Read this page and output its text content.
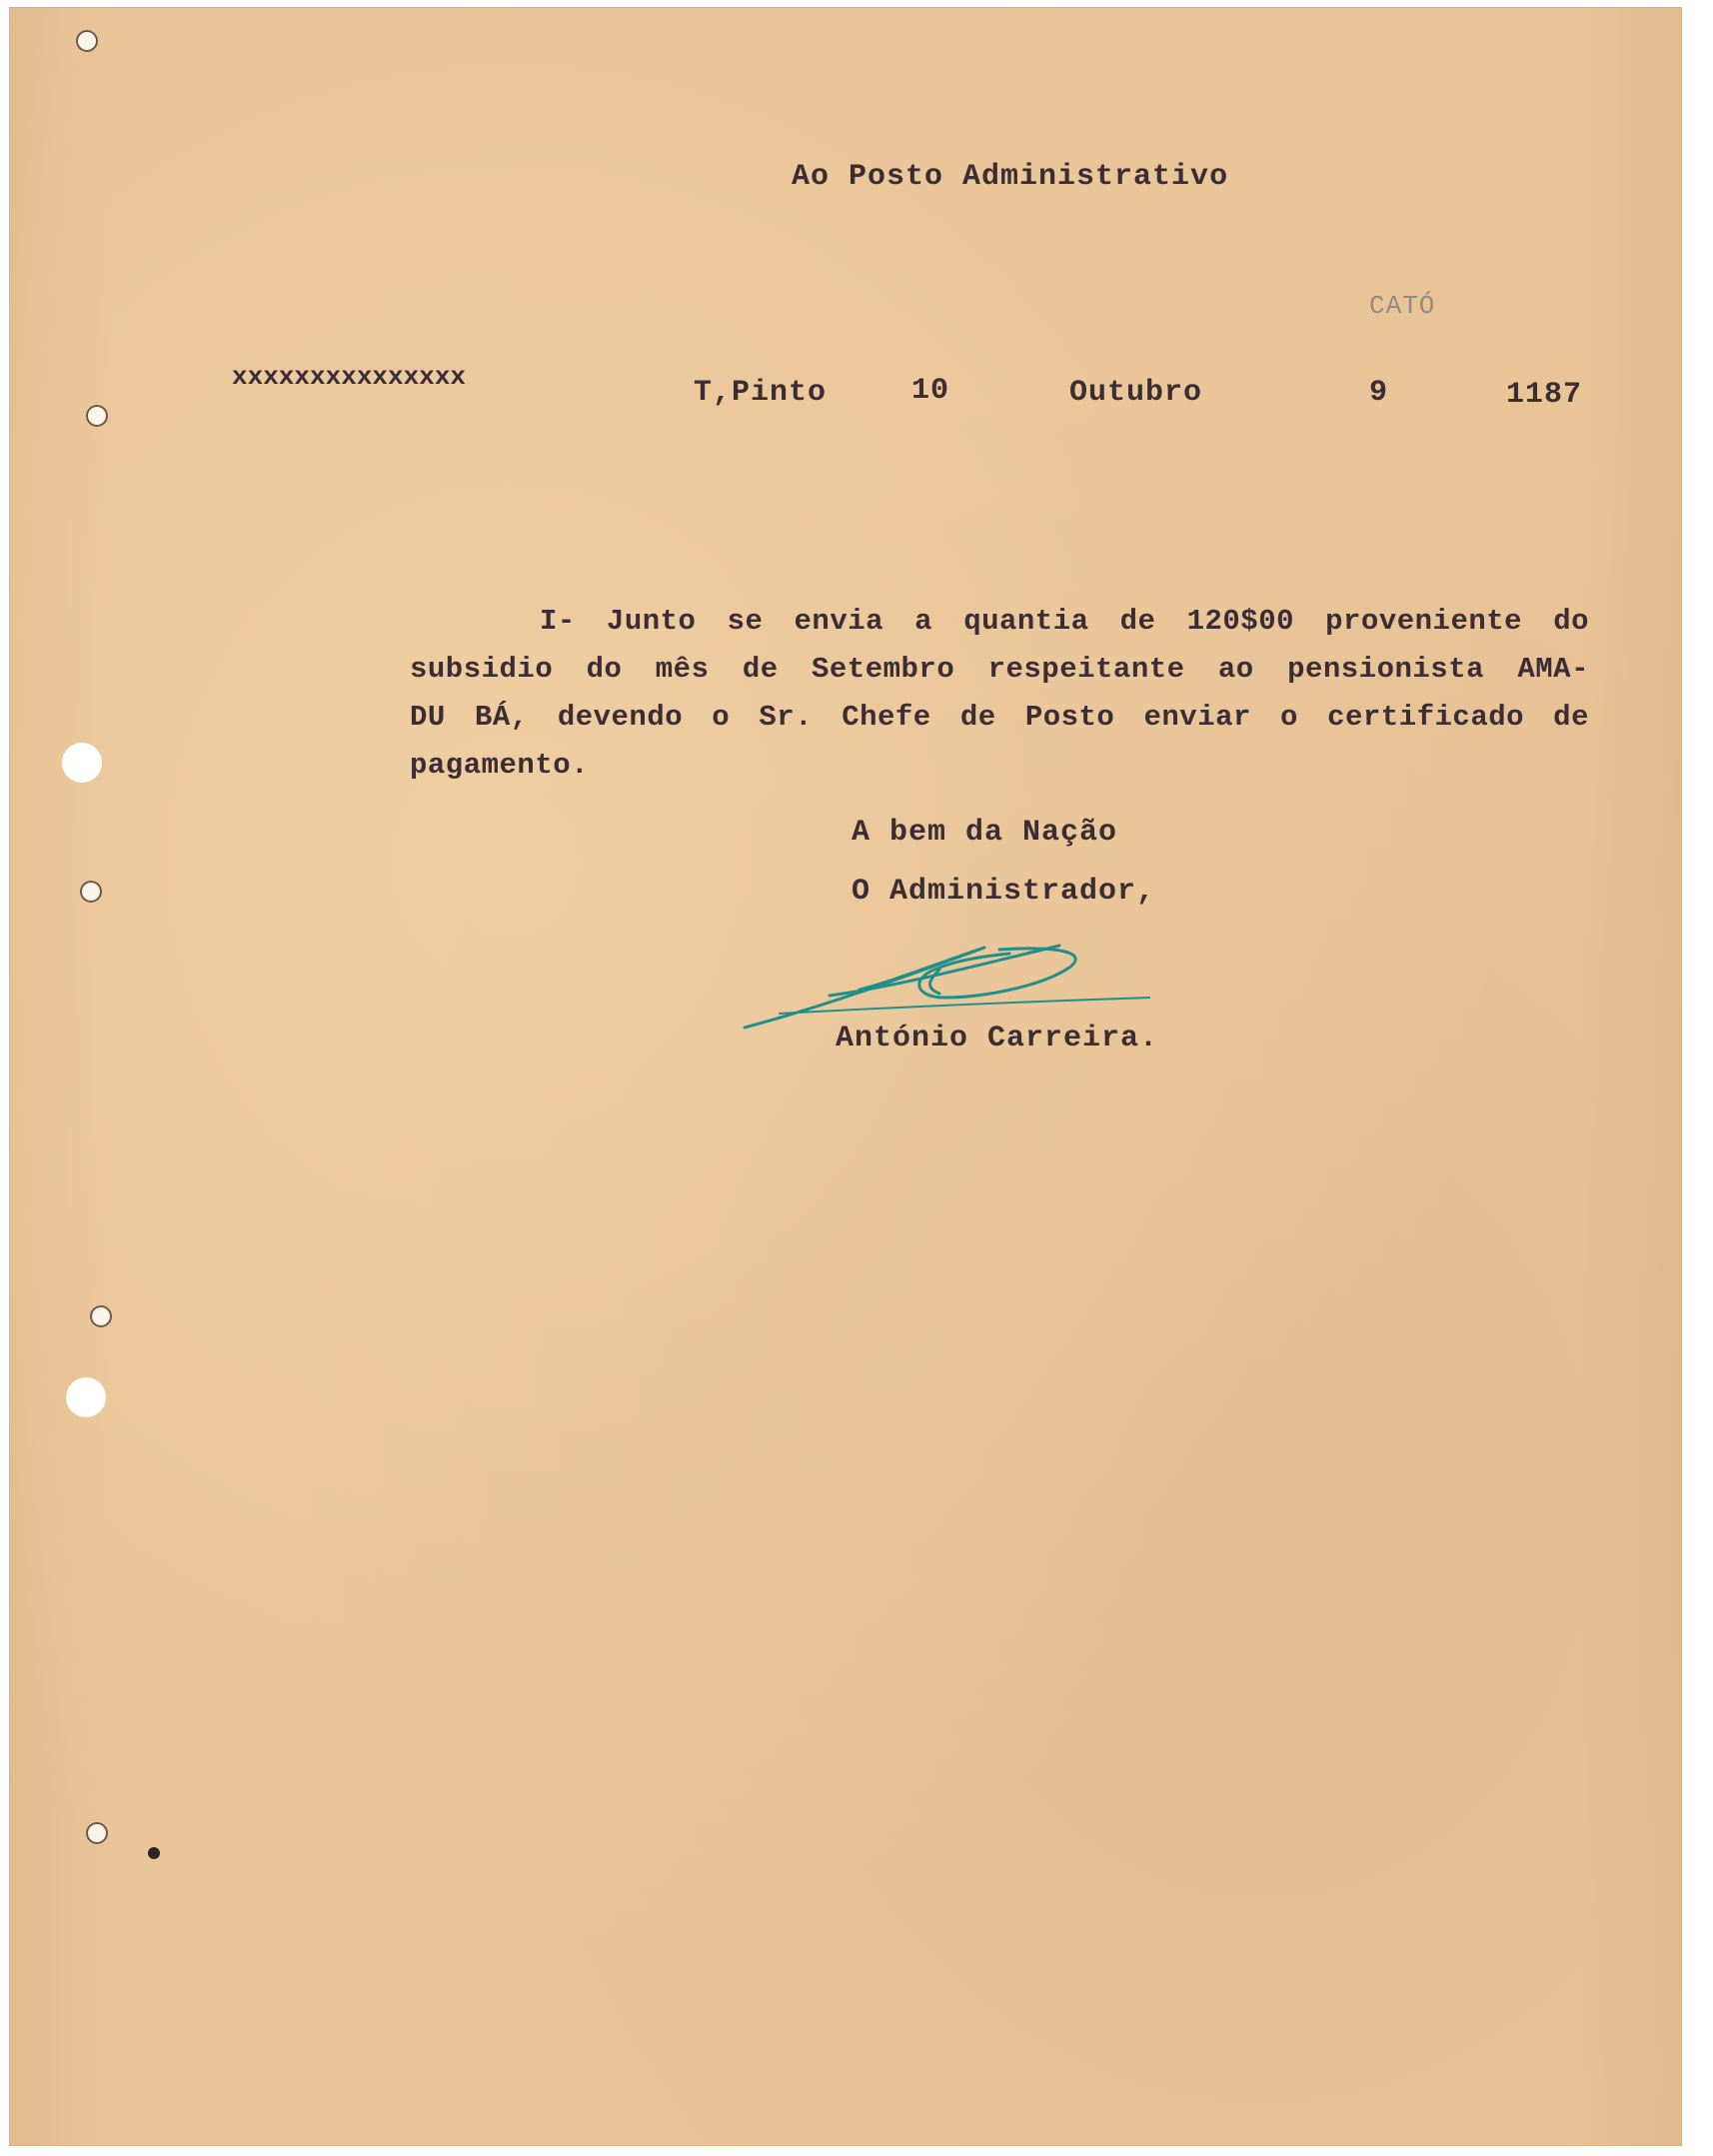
Ao Posto Administrativo
CATÓ
xxxxxxxxxxxxxxx	T,Pinto	10	Outubro	9	1187
I- Junto se envia a quantia de 120$00 proveniente do
subsidio do mês de Setembro respeitante ao pensionista AMA-
DU BÁ, devendo o Sr. Chefe de Posto enviar o certificado de
pagamento.
A bem da Nação
O Administrador,
António Carreira.
